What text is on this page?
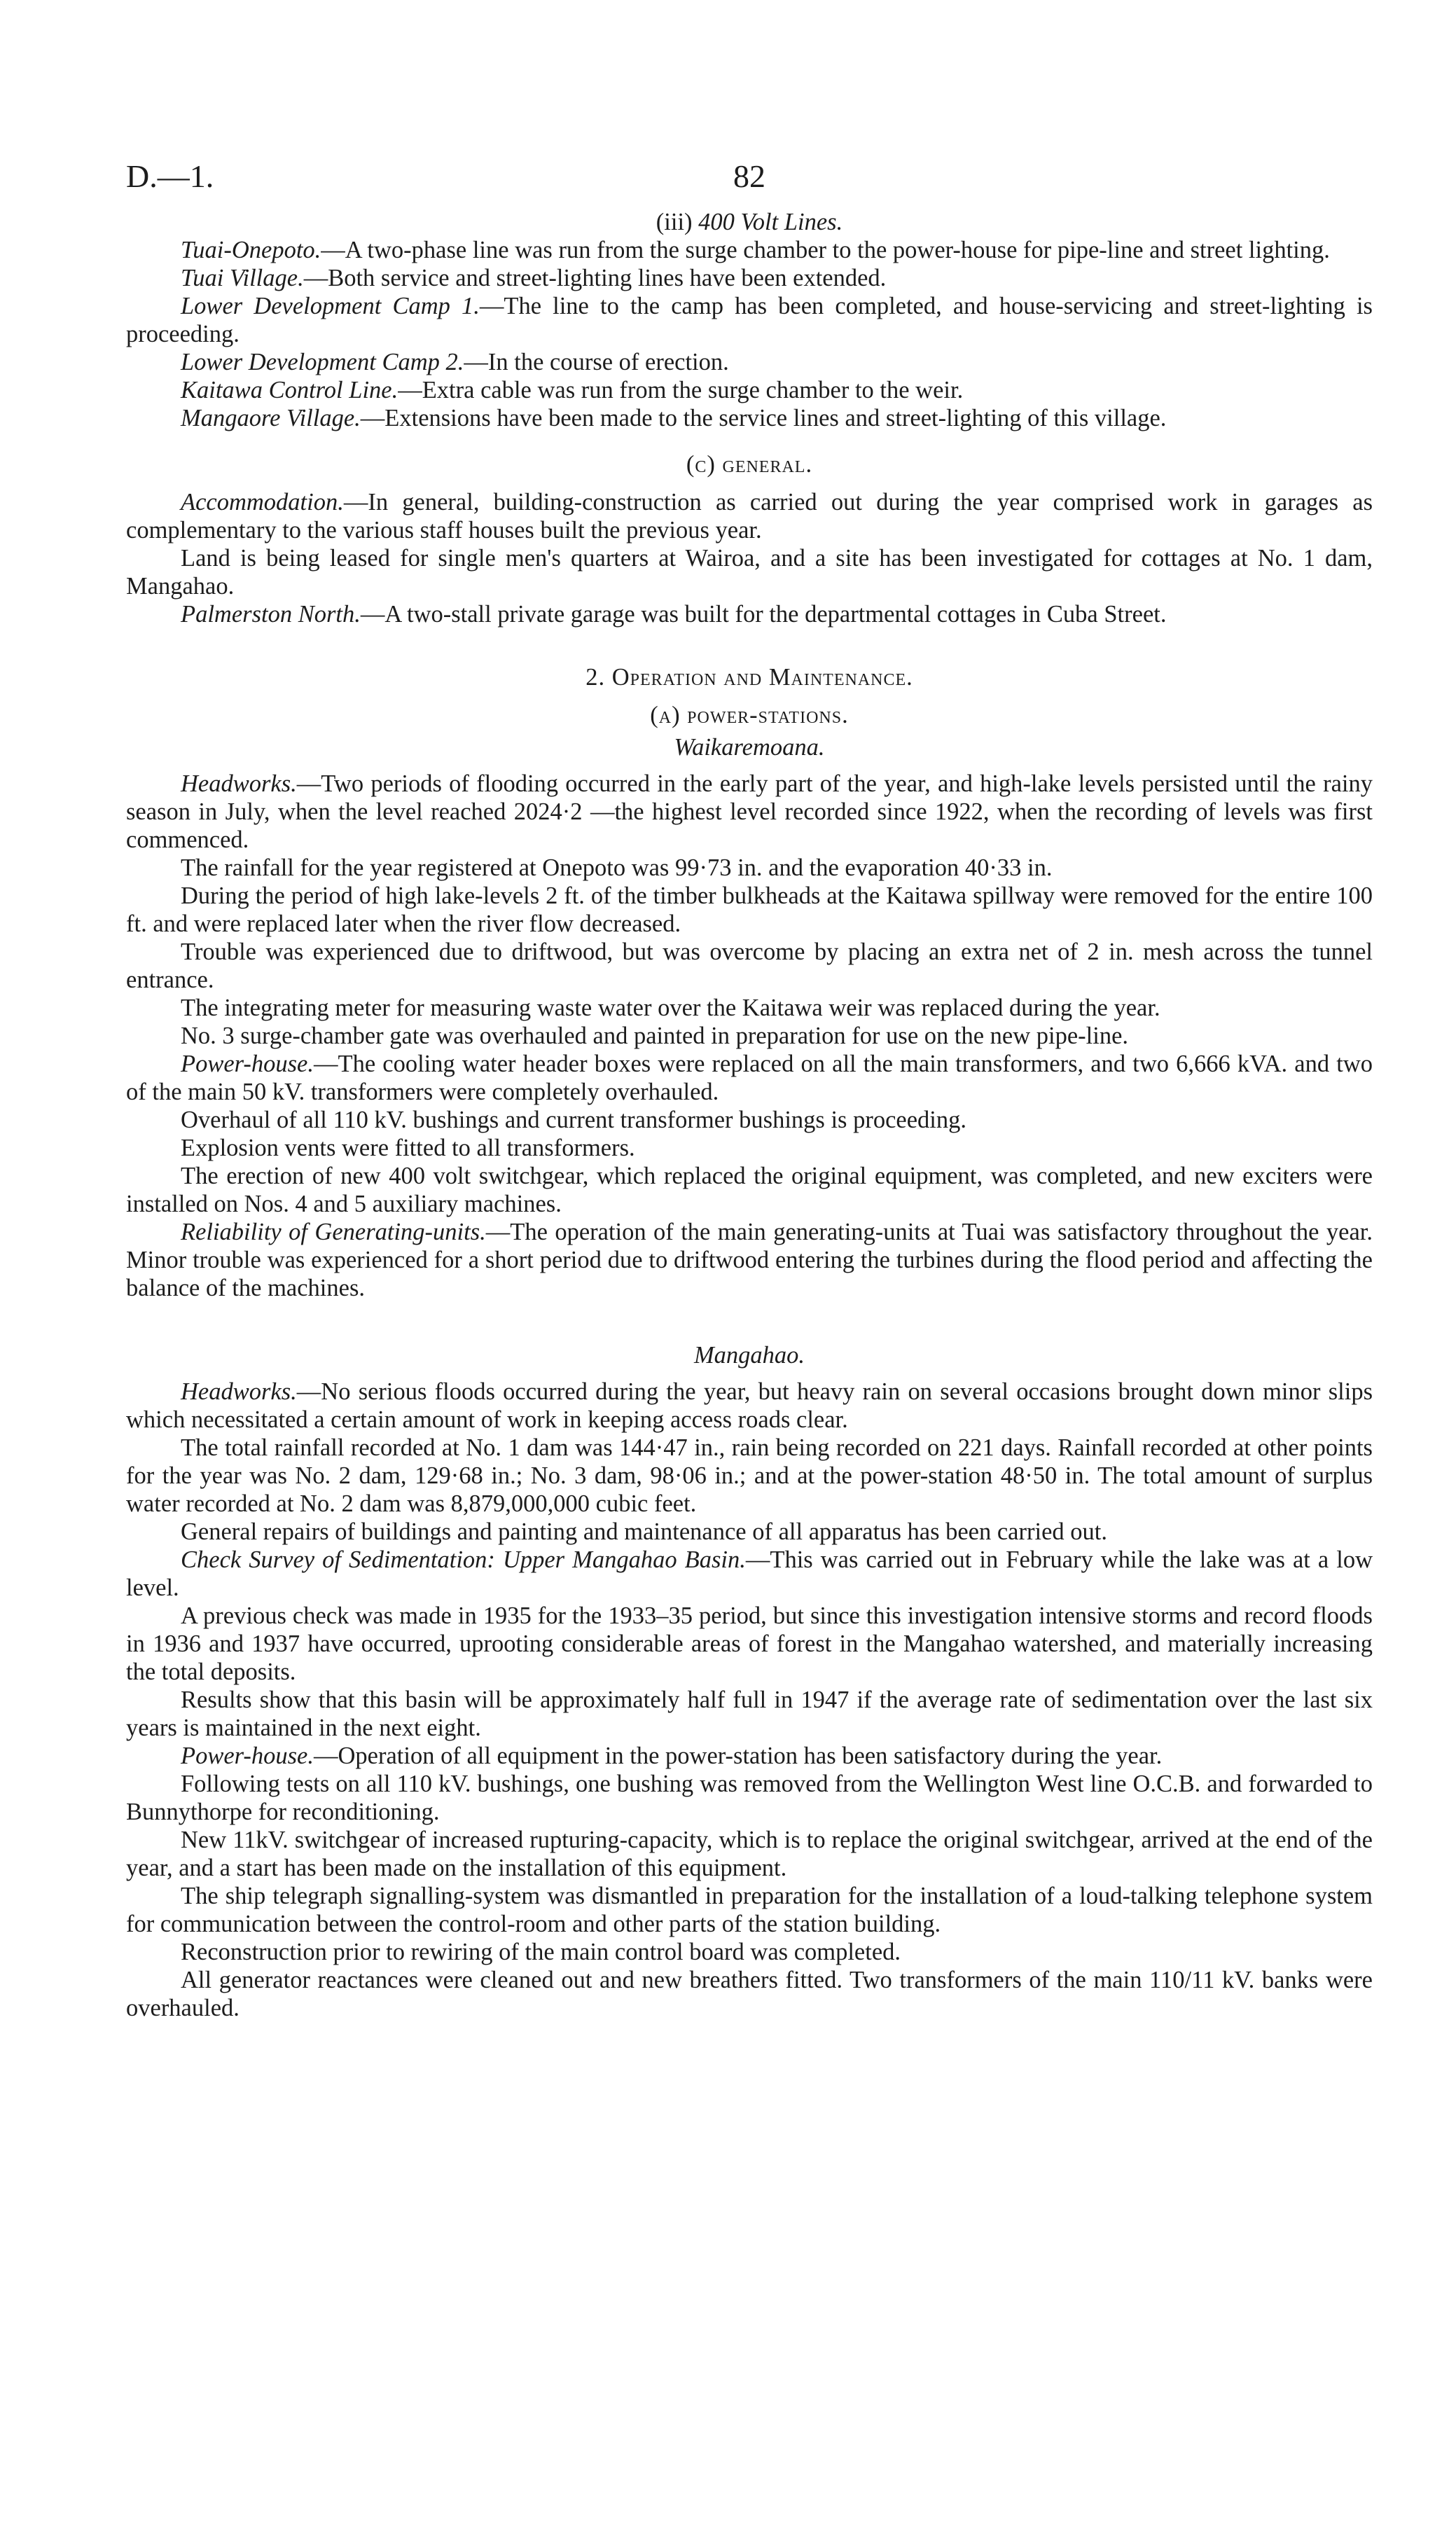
D.—1.	82
(iii) 400 Volt Lines.

Tuai-Onepoto.—A two-phase line was run from the surge chamber to the power-house for pipe-line and street lighting.

Tuai Village.—Both service and street-lighting lines have been extended.

Lower Development Camp 1.—The line to the camp has been completed, and house-servicing and street-lighting is proceeding.

Lower Development Camp 2.—In the course of erection.

Kaitawa Control Line.—Extra cable was run from the surge chamber to the weir.

Mangaore Village.—Extensions have been made to the service lines and street-lighting of this village.

(c) general.

Accommodation.—In general, building-construction as carried out during the year comprised work in garages as complementary to the various staff houses built the previous year.

Land is being leased for single men's quarters at Wairoa, and a site has been investigated for cottages at No. 1 dam, Mangahao.

Palmerston North.—A two-stall private garage was built for the departmental cottages in Cuba Street.

2. Operation and Maintenance.
(a) power-stations.
Waikaremoana.

Headworks.—Two periods of flooding occurred in the early part of the year, and high-lake levels persisted until the rainy season in July, when the level reached 2024·2 —the highest level recorded since 1922, when the recording of levels was first commenced.

The rainfall for the year registered at Onepoto was 99·73 in. and the evaporation 40·33 in.

During the period of high lake-levels 2 ft. of the timber bulkheads at the Kaitawa spillway were removed for the entire 100 ft. and were replaced later when the river flow decreased.

Trouble was experienced due to driftwood, but was overcome by placing an extra net of 2 in. mesh across the tunnel entrance.

The integrating meter for measuring waste water over the Kaitawa weir was replaced during the year.

No. 3 surge-chamber gate was overhauled and painted in preparation for use on the new pipe-line.

Power-house.—The cooling water header boxes were replaced on all the main transformers, and two 6,666 kVA. and two of the main 50 kV. transformers were completely overhauled.

Overhaul of all 110 kV. bushings and current transformer bushings is proceeding.

Explosion vents were fitted to all transformers.

The erection of new 400 volt switchgear, which replaced the original equipment, was completed, and new exciters were installed on Nos. 4 and 5 auxiliary machines.

Reliability of Generating-units.—The operation of the main generating-units at Tuai was satisfactory throughout the year. Minor trouble was experienced for a short period due to driftwood entering the turbines during the flood period and affecting the balance of the machines.

Mangahao.

Headworks.—No serious floods occurred during the year, but heavy rain on several occasions brought down minor slips which necessitated a certain amount of work in keeping access roads clear.

The total rainfall recorded at No. 1 dam was 144·47 in., rain being recorded on 221 days. Rainfall recorded at other points for the year was No. 2 dam, 129·68 in.; No. 3 dam, 98·06 in.; and at the power-station 48·50 in. The total amount of surplus water recorded at No. 2 dam was 8,879,000,000 cubic feet.

General repairs of buildings and painting and maintenance of all apparatus has been carried out.

Check Survey of Sedimentation: Upper Mangahao Basin.—This was carried out in February while the lake was at a low level.

A previous check was made in 1935 for the 1933–35 period, but since this investigation intensive storms and record floods in 1936 and 1937 have occurred, uprooting considerable areas of forest in the Mangahao watershed, and materially increasing the total deposits.

Results show that this basin will be approximately half full in 1947 if the average rate of sedimentation over the last six years is maintained in the next eight.

Power-house.—Operation of all equipment in the power-station has been satisfactory during the year.

Following tests on all 110 kV. bushings, one bushing was removed from the Wellington West line O.C.B. and forwarded to Bunnythorpe for reconditioning.

New 11kV. switchgear of increased rupturing-capacity, which is to replace the original switchgear, arrived at the end of the year, and a start has been made on the installation of this equipment.

The ship telegraph signalling-system was dismantled in preparation for the installation of a loud-talking telephone system for communication between the control-room and other parts of the station building.

Reconstruction prior to rewiring of the main control board was completed.

All generator reactances were cleaned out and new breathers fitted. Two transformers of the main 110/11 kV. banks were overhauled.
